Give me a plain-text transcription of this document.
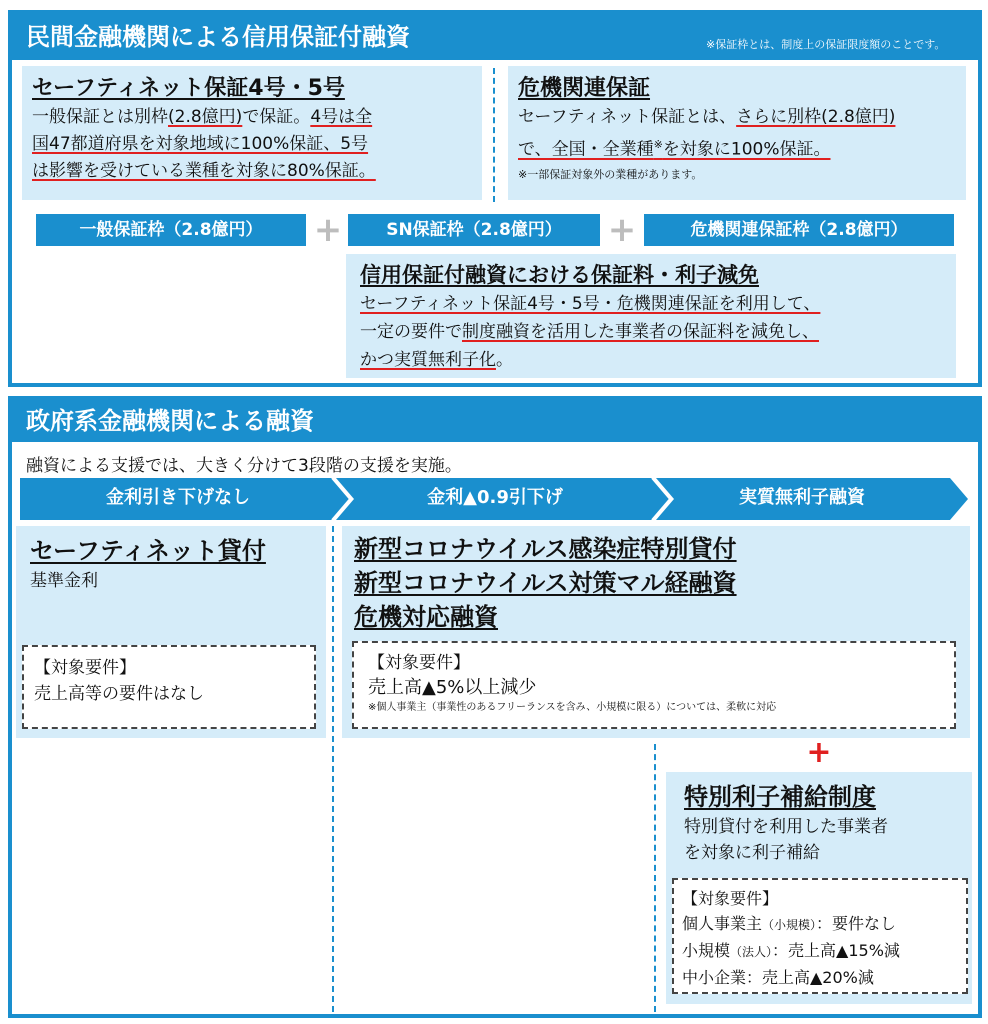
民間金融機関による信用保証付融資	※保証枠とは、制度上の保証限度額のことです。
セーフティネット保証4号・5号
一般保証とは別枠(2.8億円)で保証。4号は全
国47都道府県を対象地域に100%保証、5号
は影響を受けている業種を対象に80%保証。
危機関連保証
セーフティネット保証とは、さらに別枠(2.8億円)
で、全国・全業種※を対象に100%保証。
※一部保証対象外の業種があります。
一般保証枠（2.8億円）	+	SN保証枠（2.8億円）	+	危機関連保証枠（2.8億円）
信用保証付融資における保証料・利子減免
セーフティネット保証4号・5号・危機関連保証を利用して、
一定の要件で制度融資を活用した事業者の保証料を減免し、
かつ実質無利子化。
政府系金融機関による融資
融資による支援では、大きく分けて3段階の支援を実施。
金利引き下げなし	金利▲0.9引下げ	実質無利子融資
セーフティネット貸付
基準金利
【対象要件】
売上高等の要件はなし
新型コロナウイルス感染症特別貸付
新型コロナウイルス対策マル経融資
危機対応融資
【対象要件】
売上高▲5%以上減少
※個人事業主（事業性のあるフリーランスを含み、小規模に限る）については、柔軟に対応
+
特別利子補給制度
特別貸付を利用した事業者
を対象に利子補給
【対象要件】
個人事業主（小規模）：要件なし
小規模（法人）：売上高▲15%減
中小企業：売上高▲20%減
